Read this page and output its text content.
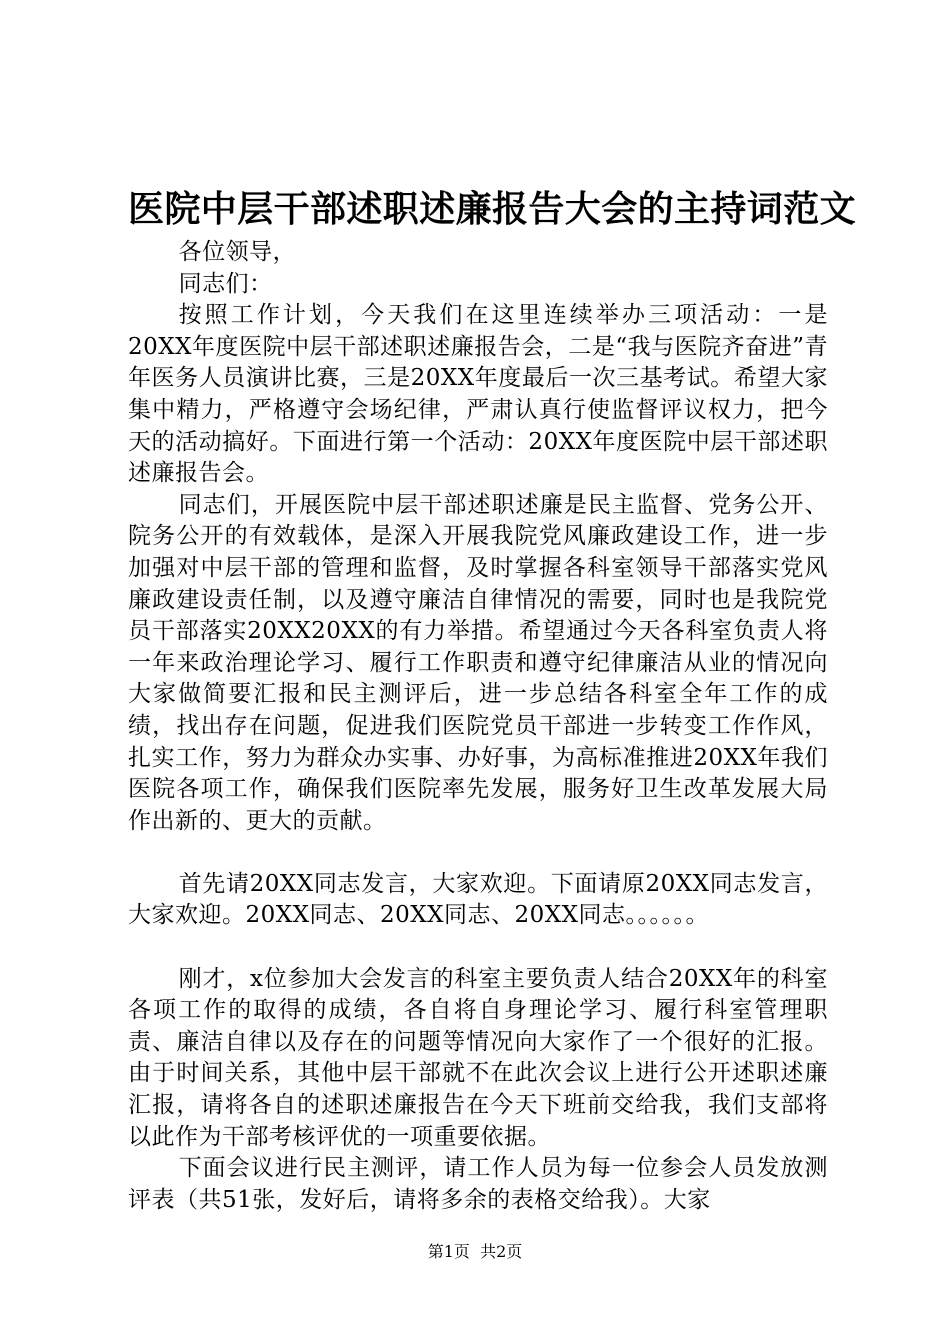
医院中层干部述职述廉报告大会的主持词范文

各位领导，

同志们：

按照工作计划，今天我们在这里连续举办三项活动：一是20XX年度医院中层干部述职述廉报告会，二是“我与医院齐奋进”青年医务人员演讲比赛，三是20XX年度最后一次三基考试。希望大家集中精力，严格遵守会场纪律，严肃认真行使监督评议权力，把今天的活动搞好。下面进行第一个活动：20XX年度医院中层干部述职述廉报告会。

同志们，开展医院中层干部述职述廉是民主监督、党务公开、院务公开的有效载体，是深入开展我院党风廉政建设工作，进一步加强对中层干部的管理和监督，及时掌握各科室领导干部落实党风廉政建设责任制，以及遵守廉洁自律情况的需要，同时也是我院党员干部落实20XX20XX的有力举措。希望通过今天各科室负责人将一年来政治理论学习、履行工作职责和遵守纪律廉洁从业的情况向大家做简要汇报和民主测评后，进一步总结各科室全年工作的成绩，找出存在问题，促进我们医院党员干部进一步转变工作作风，扎实工作，努力为群众办实事、办好事，为高标准推进20XX年我们医院各项工作，确保我们医院率先发展，服务好卫生改革发展大局作出新的、更大的贡献。

首先请20XX同志发言，大家欢迎。下面请原20XX同志发言，大家欢迎。20XX同志、20XX同志、20XX同志。。。。。。

刚才，x位参加大会发言的科室主要负责人结合20XX年的科室各项工作的取得的成绩，各自将自身理论学习、履行科室管理职责、廉洁自律以及存在的问题等情况向大家作了一个很好的汇报。由于时间关系，其他中层干部就不在此次会议上进行公开述职述廉汇报，请将各自的述职述廉报告在今天下班前交给我，我们支部将以此作为干部考核评优的一项重要依据。

下面会议进行民主测评，请工作人员为每一位参会人员发放测评表（共51张，发好后，请将多余的表格交给我）。大家

第1页  共2页
